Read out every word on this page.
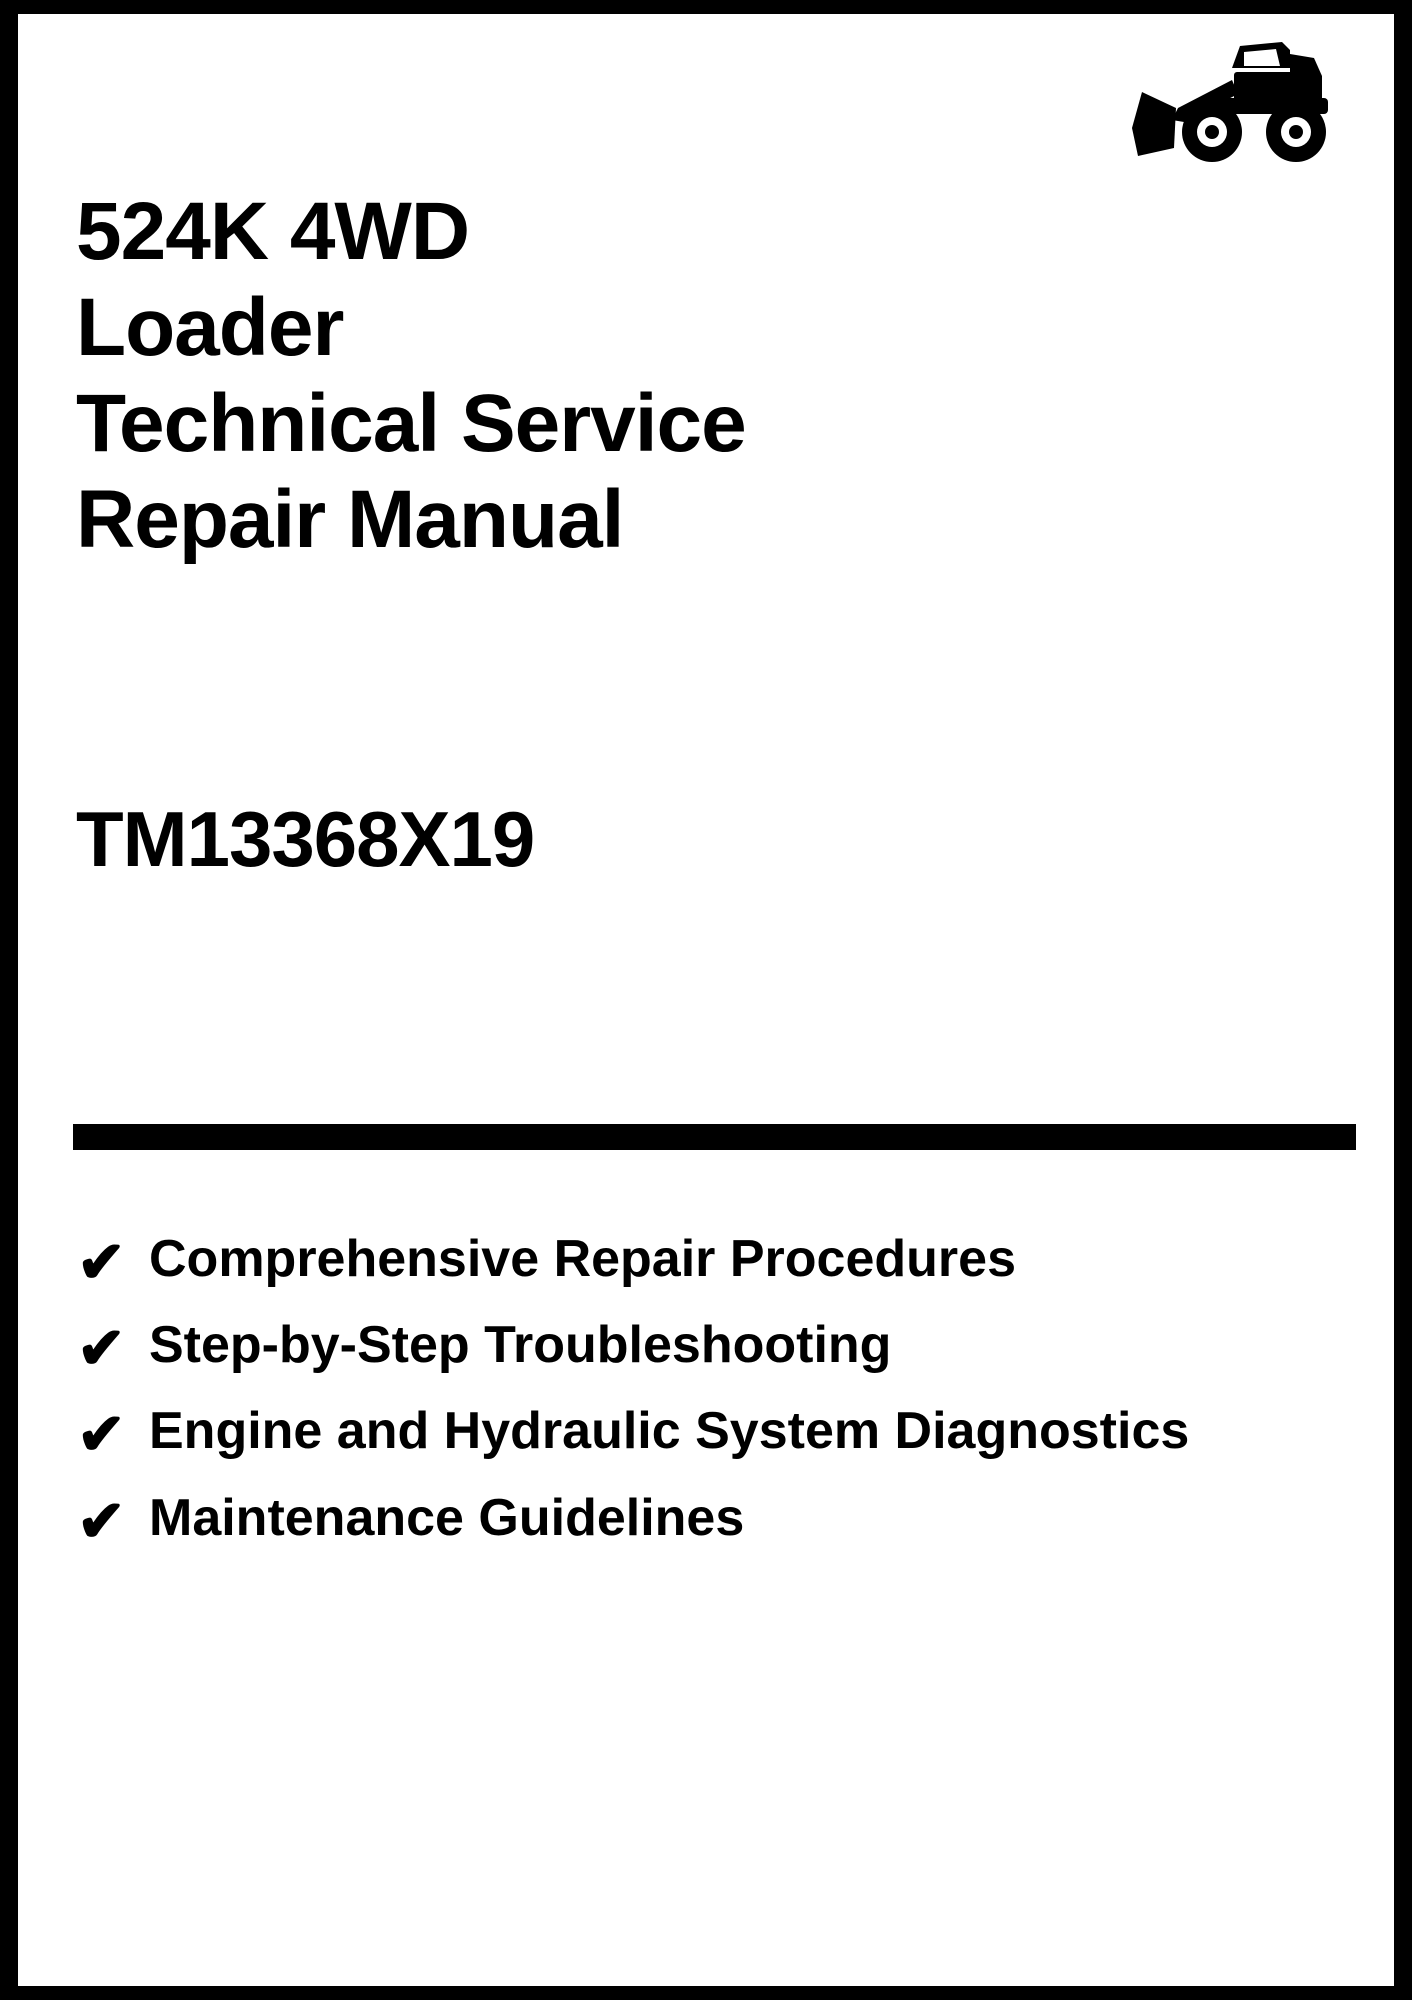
524K 4WD
Loader
Technical Service
Repair Manual
TM13368X19
✔ Comprehensive Repair Procedures
✔ Step-by-Step Troubleshooting
✔ Engine and Hydraulic System Diagnostics
✔ Maintenance Guidelines
